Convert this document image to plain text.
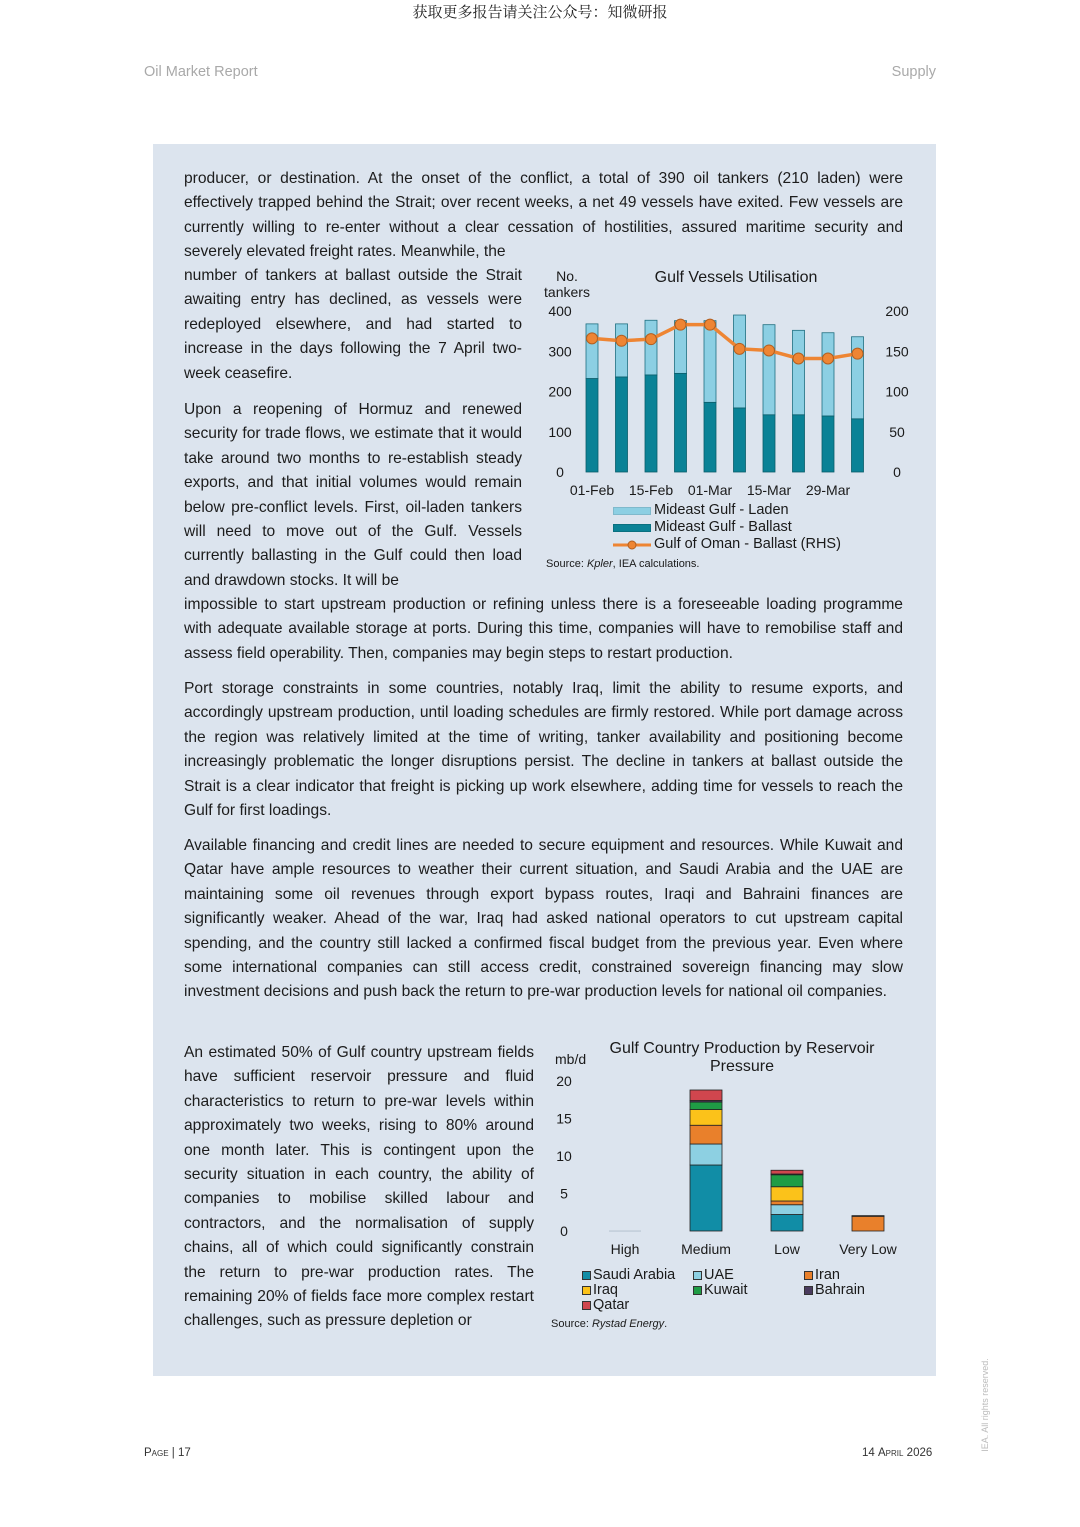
获取更多报告请关注公众号：知微研报
Oil Market Report	Supply
producer, or destination. At the onset of the conflict, a total of 390 oil tankers (210 laden) were effectively trapped behind the Strait; over recent weeks, a net 49 vessels have exited. Few vessels are currently willing to re-enter without a clear cessation of hostilities, assured maritime security and severely elevated freight rates. Meanwhile, the
number of tankers at ballast outside the Strait awaiting entry has declined, as vessels were redeployed elsewhere, and had started to increase in the days following the 7 April two-week ceasefire.
Upon a reopening of Hormuz and renewed security for trade flows, we estimate that it would take around two months to re-establish steady exports, and that initial volumes would remain below pre-conflict levels. First, oil-laden tankers will need to move out of the Gulf. Vessels currently ballasting in the Gulf could then load and drawdown stocks. It will be
impossible to start upstream production or refining unless there is a foreseeable loading programme with adequate available storage at ports. During this time, companies will have to remobilise staff and assess field operability. Then, companies may begin steps to restart production.
Port storage constraints in some countries, notably Iraq, limit the ability to resume exports, and accordingly upstream production, until loading schedules are firmly restored. While port damage across the region was relatively limited at the time of writing, tanker availability and positioning become increasingly problematic the longer disruptions persist. The decline in tankers at ballast outside the Strait is a clear indicator that freight is picking up work elsewhere, adding time for vessels to reach the Gulf for first loadings.
Available financing and credit lines are needed to secure equipment and resources. While Kuwait and Qatar have ample resources to weather their current situation, and Saudi Arabia and the UAE are maintaining some oil revenues through export bypass routes, Iraqi and Bahraini finances are significantly weaker. Ahead of the war, Iraq had asked national operators to cut upstream capital spending, and the country still lacked a confirmed fiscal budget from the previous year. Even where some international companies can still access credit, constrained sovereign financing may slow investment decisions and push back the return to pre-war production levels for national oil companies.
An estimated 50% of Gulf country upstream fields have sufficient reservoir pressure and fluid characteristics to return to pre-war levels within approximately two weeks, rising to 80% around one month later. This is contingent upon the security situation in each country, the ability of companies to mobilise skilled labour and contractors, and the normalisation of supply chains, all of which could significantly constrain the return to pre-war production rates. The remaining 20% of fields face more complex restart challenges, such as pressure depletion or
Gulf Vessels Utilisation
No.
tankers
0
100
200
300
400
0
50
100
150
200
01-Feb 15-Feb 01-Mar 15-Mar 29-Mar
Mideast Gulf - Laden
Mideast Gulf - Ballast
Gulf of Oman - Ballast (RHS)
Source: Kpler, IEA calculations.
Gulf Country Production by Reservoir
Pressure
mb/d
0
5
10
15
20
High	Medium	Low	Very Low
Saudi Arabia UAE	Iran
Iraq	Kuwait	Bahrain
Qatar
Source: Rystad Energy.
Page | 17	14 April 2026
IEA. All rights reserved.
